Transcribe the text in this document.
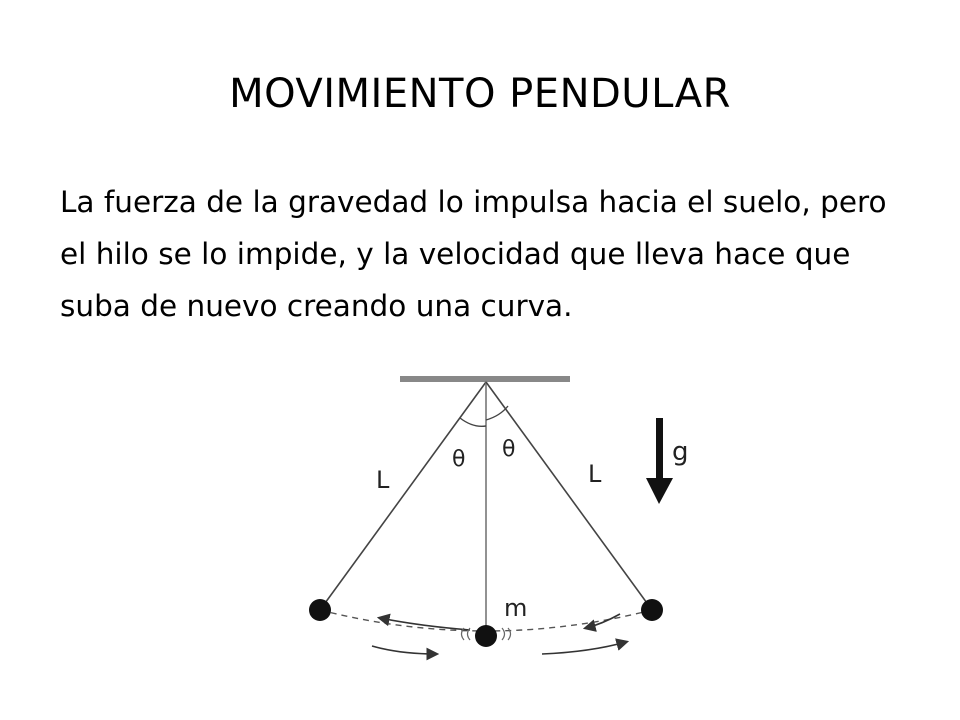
MOVIMIENTO PENDULAR

La fuerza de la gravedad lo impulsa hacia el suelo, pero el hilo se lo impide, y la velocidad que lleva hace que suba de nuevo creando una curva.

θ θ
L	L
m
g
